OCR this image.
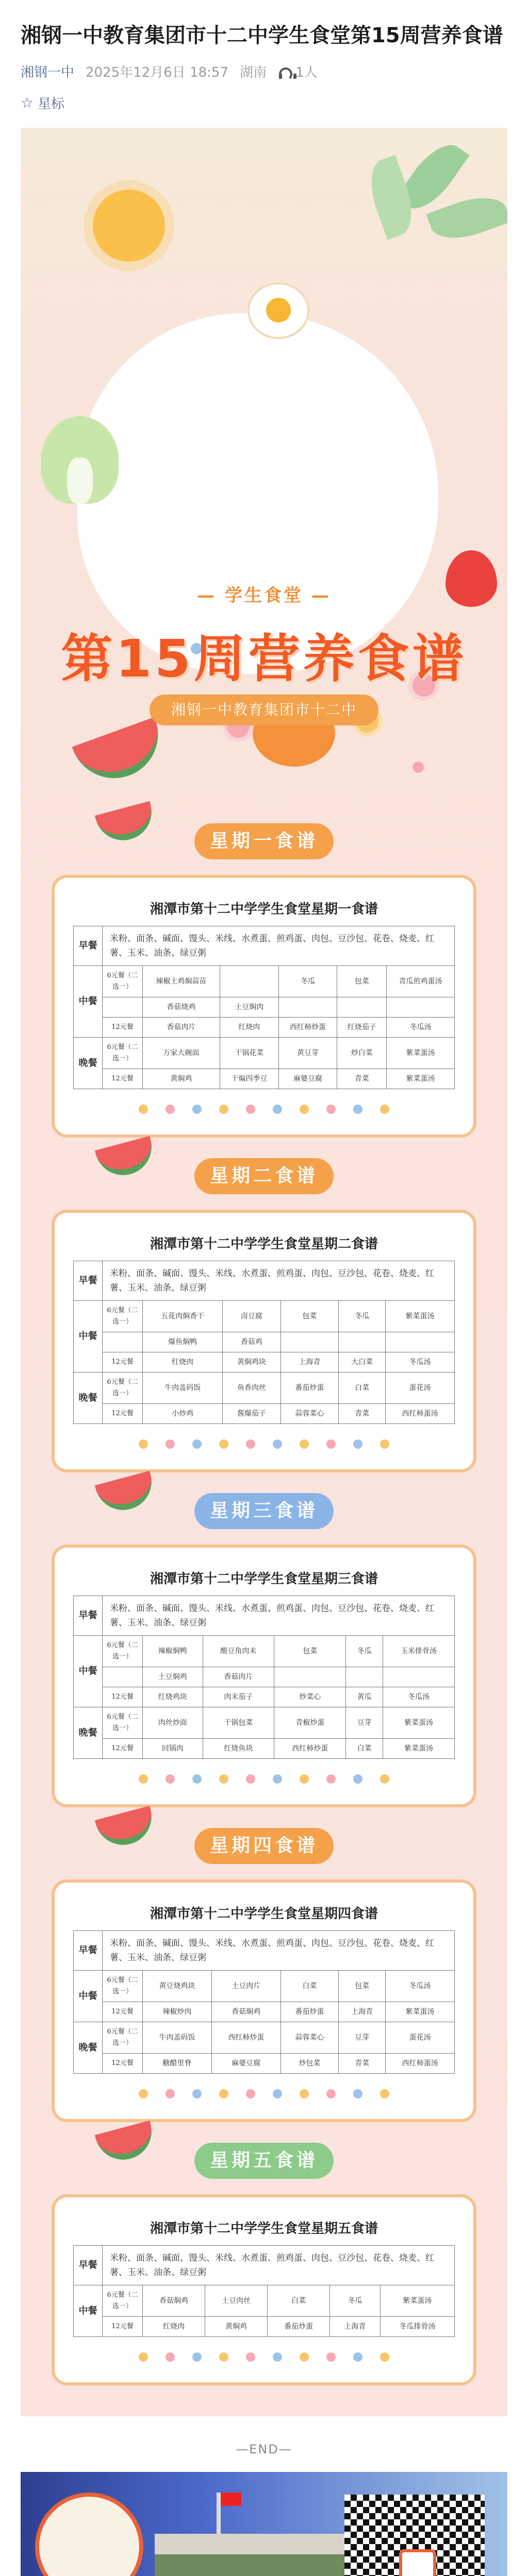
湘钢一中教育集团市十二中学生食堂第15周营养食谱
湘钢一中 2025年12月6日 18:57 湖南	1人
☆ 星标
— 学生食堂 —
第15周营养食谱
湘钢一中教育集团市十二中
星期一食谱
湘潭市第十二中学学生食堂星期一食谱
早餐	米粉、面条、碱面、馒头、米线、水煮蛋、煎鸡蛋、肉包、豆沙包、花卷、烧麦、红薯、玉米、油条、绿豆粥					
中餐	6元餐（二选一）	辣椒土鸡焖蒜苗		冬瓜	包菜	青瓜煎鸡蛋汤
		香菇烧鸡	土豆焖肉			
	12元餐	香菇肉片	红烧肉	西红柿炒蛋	红烧茄子	冬瓜汤
晚餐	6元餐（二选一）	万家大碗面	干锅花菜	黄豆芽	炒白菜	紫菜蛋汤
	12元餐	黄焖鸡	干煸四季豆	麻婆豆腐	青菜	紫菜蛋汤
星期二食谱
湘潭市第十二中学学生食堂星期二食谱
早餐	米粉、面条、碱面、馒头、米线、水煮蛋、煎鸡蛋、肉包、豆沙包、花卷、烧麦、红薯、玉米、油条、绿豆粥					
中餐	6元餐（二选一）	五花肉焖香干	卤豆腐	包菜	冬瓜	紫菜蛋汤
		爆鱼焖鸭	香菇鸡			
	12元餐	红烧肉	黄焖鸡块	上海青	大白菜	冬瓜汤
晚餐	6元餐（二选一）	牛肉盖码饭	鱼香肉丝	番茄炒蛋	白菜	蛋花汤
	12元餐	小炒鸡	酱爆茄子	蒜蓉菜心	青菜	西红柿蛋汤
星期三食谱
湘潭市第十二中学学生食堂星期三食谱
早餐	米粉、面条、碱面、馒头、米线、水煮蛋、煎鸡蛋、肉包、豆沙包、花卷、烧麦、红薯、玉米、油条、绿豆粥					
中餐	6元餐（二选一）	辣椒焖鸭	酸豆角肉末	包菜	冬瓜	玉米排骨汤
		土豆焖鸡	香菇肉片			
	12元餐	红烧鸡块	肉末茄子	炒菜心	黄瓜	冬瓜汤
晚餐	6元餐（二选一）	肉丝炒面	干锅包菜	青椒炒蛋	豆芽	紫菜蛋汤
	12元餐	回锅肉	红烧鱼块	西红柿炒蛋	白菜	紫菜蛋汤
星期四食谱
湘潭市第十二中学学生食堂星期四食谱
早餐	米粉、面条、碱面、馒头、米线、水煮蛋、煎鸡蛋、肉包、豆沙包、花卷、烧麦、红薯、玉米、油条、绿豆粥					
中餐	6元餐（二选一）	黄豆烧鸡块	土豆肉片	白菜	包菜	冬瓜汤
	12元餐	辣椒炒肉	香菇焖鸡	番茄炒蛋	上海青	紫菜蛋汤
晚餐	6元餐（二选一）	牛肉盖码饭	西红柿炒蛋	蒜蓉菜心	豆芽	蛋花汤
	12元餐	糖醋里脊	麻婆豆腐	炒包菜	青菜	西红柿蛋汤
星期五食谱
湘潭市第十二中学学生食堂星期五食谱
早餐	米粉、面条、碱面、馒头、米线、水煮蛋、煎鸡蛋、肉包、豆沙包、花卷、烧麦、红薯、玉米、油条、绿豆粥					
中餐	6元餐（二选一）	香菇焖鸡	土豆肉丝	白菜	冬瓜	紫菜蛋汤
	12元餐	红烧肉	黄焖鸡	番茄炒蛋	上海青	冬瓜排骨汤
—END—
